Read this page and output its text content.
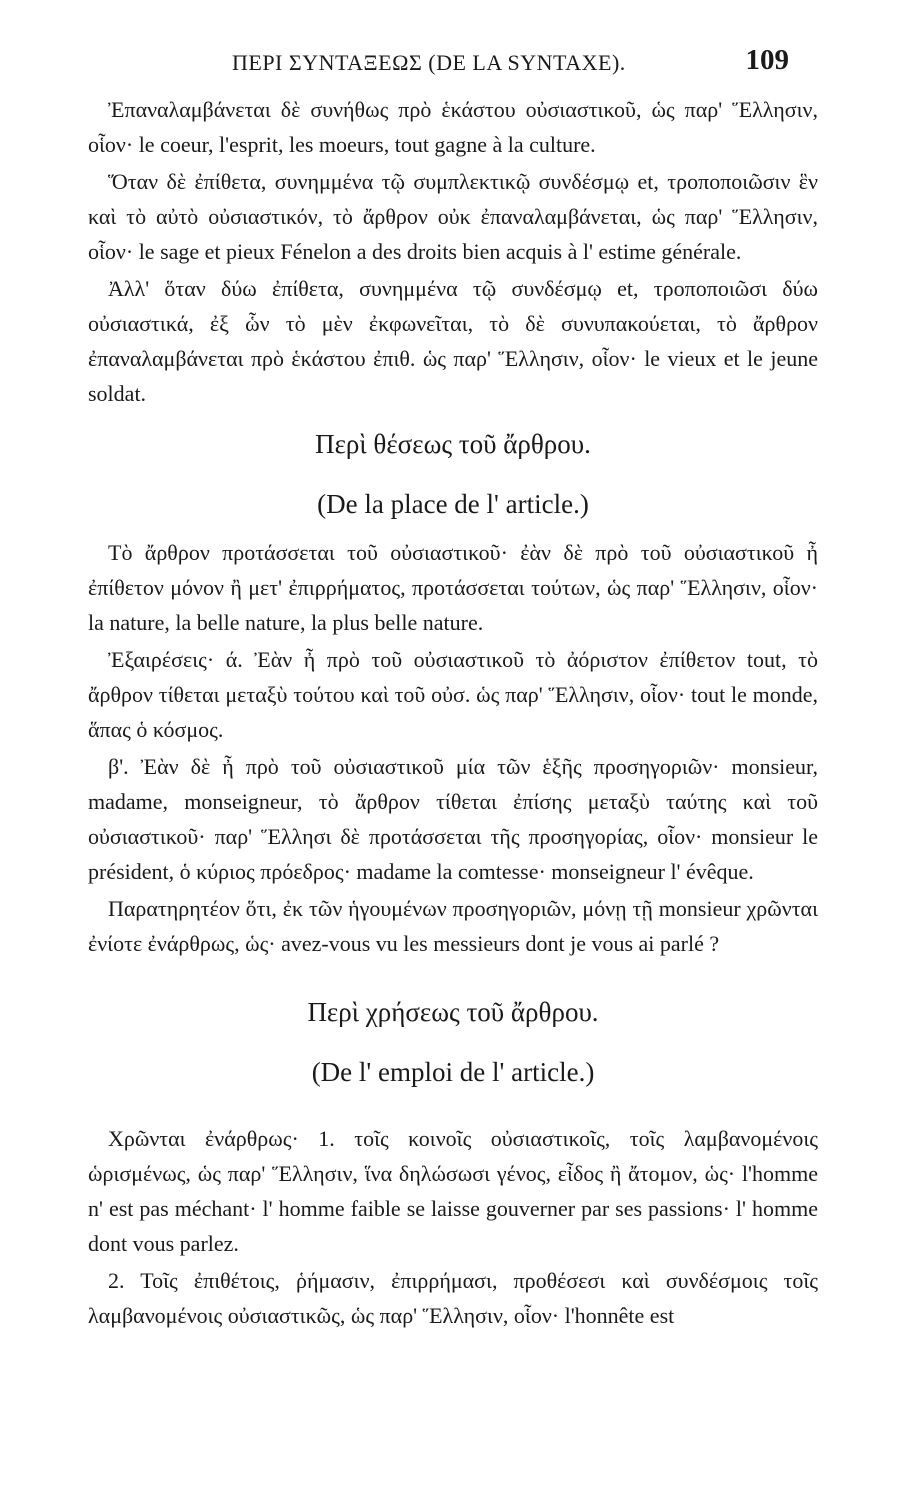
ΠΕΡΙ ΣΥΝΤΑΞΕΩΣ (DE LA SYNTAXE).	109

Ἐπαναλαμβάνεται δὲ συνήθως πρὸ ἑκάστου οὐσιαστικοῦ, ὡς παρ' Ἕλλησιν, οἷον· le coeur, l'esprit, les moeurs, tout gagne à la culture.

Ὅταν δὲ ἐπίθετα, συνημμένα τῷ συμπλεκτικῷ συνδέσμῳ et, τροποποιῶσιν ἓν καὶ τὸ αὐτὸ οὐσιαστικόν, τὸ ἄρθρον οὐκ ἐπαναλαμβάνεται, ὡς παρ' Ἕλλησιν, οἷον· le sage et pieux Fénelon a des droits bien acquis à l' estime générale.

Ἀλλ' ὅταν δύω ἐπίθετα, συνημμένα τῷ συνδέσμῳ et, τροποποιῶσι δύω οὐσιαστικά, ἐξ ὧν τὸ μὲν ἐκφωνεῖται, τὸ δὲ συνυπακούεται, τὸ ἄρθρον ἐπαναλαμβάνεται πρὸ ἑκάστου ἐπιθ. ὡς παρ' Ἕλλησιν, οἷον· le vieux et le jeune soldat.

Περὶ θέσεως τοῦ ἄρθρου.
(De la place de l' article.)

Τὸ ἄρθρον προτάσσεται τοῦ οὐσιαστικοῦ· ἐὰν δὲ πρὸ τοῦ οὐσιαστικοῦ ἦ ἐπίθετον μόνον ἢ μετ' ἐπιρρήματος, προτάσσεται τούτων, ὡς παρ' Ἕλλησιν, οἷον· la nature, la belle nature, la plus belle nature.

Ἐξαιρέσεις· ά. Ἐὰν ἦ πρὸ τοῦ οὐσιαστικοῦ τὸ ἀόριστον ἐπίθετον tout, τὸ ἄρθρον τίθεται μεταξὺ τούτου καὶ τοῦ οὐσ. ὡς παρ' Ἕλλησιν, οἷον· tout le monde, ἅπας ὁ κόσμος.

β'. Ἐὰν δὲ ἦ πρὸ τοῦ οὐσιαστικοῦ μία τῶν ἑξῆς προσηγοριῶν· monsieur, madame, monseigneur, τὸ ἄρθρον τίθεται ἐπίσης μεταξὺ ταύτης καὶ τοῦ οὐσιαστικοῦ· παρ' Ἕλλησι δὲ προτάσσεται τῆς προσηγορίας, οἷον· monsieur le président, ὁ κύριος πρόεδρος· madame la comtesse· monseigneur l' évêque.

Παρατηρητέον ὅτι, ἐκ τῶν ἡγουμένων προσηγοριῶν, μόνῃ τῇ monsieur χρῶνται ἐνίοτε ἐνάρθρως, ὡς· avez-vous vu les messieurs dont je vous ai parlé ?

Περὶ χρήσεως τοῦ ἄρθρου.
(De l' emploi de l' article.)

Χρῶνται ἐνάρθρως· 1. τοῖς κοινοῖς οὐσιαστικοῖς, τοῖς λαμβανομένοις ὡρισμένως, ὡς παρ' Ἕλλησιν, ἵνα δηλώσωσι γένος, εἶδος ἢ ἄτομον, ὡς· l'homme n' est pas méchant· l' homme faible se laisse gouverner par ses passions· l' homme dont vous parlez.

2. Τοῖς ἐπιθέτοις, ῥήμασιν, ἐπιρρήμασι, προθέσεσι καὶ συνδέσμοις τοῖς λαμβανομένοις οὐσιαστικῶς, ὡς παρ' Ἕλλησιν, οἷον· l'honnête est
